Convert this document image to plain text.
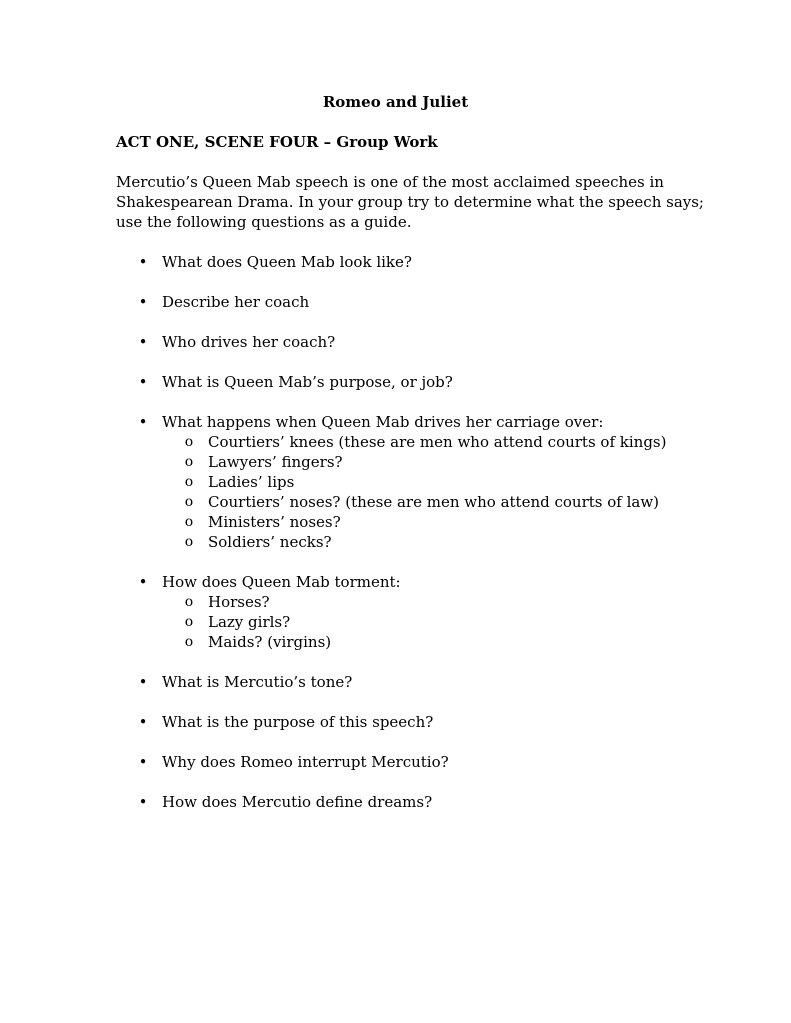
Romeo and Juliet
ACT ONE, SCENE FOUR – Group Work

Mercutio’s Queen Mab speech is one of the most acclaimed speeches in
Shakespearean Drama. In your group try to determine what the speech says;
use the following questions as a guide.

• What does Queen Mab look like?
• Describe her coach
• Who drives her coach?
• What is Queen Mab’s purpose, or job?
• What happens when Queen Mab drives her carriage over:
o Courtiers’ knees (these are men who attend courts of kings)
o Lawyers’ fingers?
o Ladies’ lips
o Courtiers’ noses? (these are men who attend courts of law)
o Ministers’ noses?
o Soldiers’ necks?
• How does Queen Mab torment:
o Horses?
o Lazy girls?
o Maids? (virgins)
• What is Mercutio’s tone?
• What is the purpose of this speech?
• Why does Romeo interrupt Mercutio?
• How does Mercutio define dreams?
